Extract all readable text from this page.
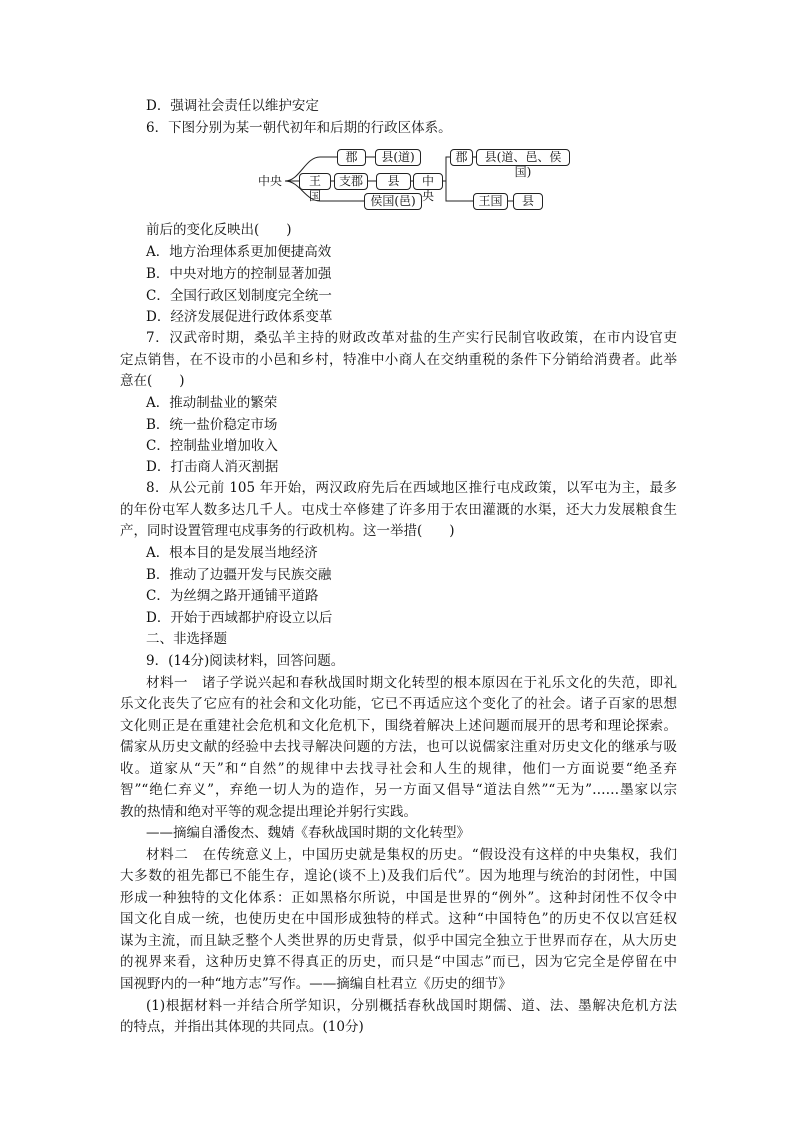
D．强调社会责任以维护安定
6．下图分别为某一朝代初年和后期的行政区体系。
中央
郡	县(道)
王国
支郡	县
侯国(邑)
中央
郡	县(道、邑、侯国)
王国	县
前后的变化反映出(　　)
A．地方治理体系更加便捷高效
B．中央对地方的控制显著加强
C．全国行政区划制度完全统一
D．经济发展促进行政体系变革
7．汉武帝时期，桑弘羊主持的财政改革对盐的生产实行民制官收政策，在市内设官吏
定点销售，在不设市的小邑和乡村，特准中小商人在交纳重税的条件下分销给消费者。此举
意在(　　)
A．推动制盐业的繁荣
B．统一盐价稳定市场
C．控制盐业增加收入
D．打击商人消灭割据
8．从公元前 105 年开始，两汉政府先后在西域地区推行屯戍政策，以军屯为主，最多
的年份屯军人数多达几千人。屯戍士卒修建了许多用于农田灌溉的水渠，还大力发展粮食生
产，同时设置管理屯戍事务的行政机构。这一举措(　　)
A．根本目的是发展当地经济
B．推动了边疆开发与民族交融
C．为丝绸之路开通铺平道路
D．开始于西域都护府设立以后
二、非选择题
9．(14分)阅读材料，回答问题。
材料一　诸子学说兴起和春秋战国时期文化转型的根本原因在于礼乐文化的失范，即礼
乐文化丧失了它应有的社会和文化功能，它已不再适应这个变化了的社会。诸子百家的思想
文化则正是在重建社会危机和文化危机下，围绕着解决上述问题而展开的思考和理论探索。
儒家从历史文献的经验中去找寻解决问题的方法，也可以说儒家注重对历史文化的继承与吸
收。道家从“天”和“自然”的规律中去找寻社会和人生的规律，他们一方面说要“绝圣弃
智”“绝仁弃义”，弃绝一切人为的造作，另一方面又倡导“道法自然”“无为”……墨家以宗
教的热情和绝对平等的观念提出理论并躬行实践。
——摘编自潘俊杰、魏婧《春秋战国时期的文化转型》
材料二　在传统意义上，中国历史就是集权的历史。“假设没有这样的中央集权，我们
大多数的祖先都已不能生存，遑论(谈不上)及我们后代”。因为地理与统治的封闭性，中国
形成一种独特的文化体系：正如黑格尔所说，中国是世界的“例外”。这种封闭性不仅令中
国文化自成一统，也使历史在中国形成独特的样式。这种“中国特色”的历史不仅以宫廷权
谋为主流，而且缺乏整个人类世界的历史背景，似乎中国完全独立于世界而存在，从大历史
的视界来看，这种历史算不得真正的历史，而只是“中国志”而已，因为它完全是停留在中
国视野内的一种“地方志”写作。——摘编自杜君立《历史的细节》
(1)根据材料一并结合所学知识，分别概括春秋战国时期儒、道、法、墨解决危机方法
的特点，并指出其体现的共同点。(10分)
